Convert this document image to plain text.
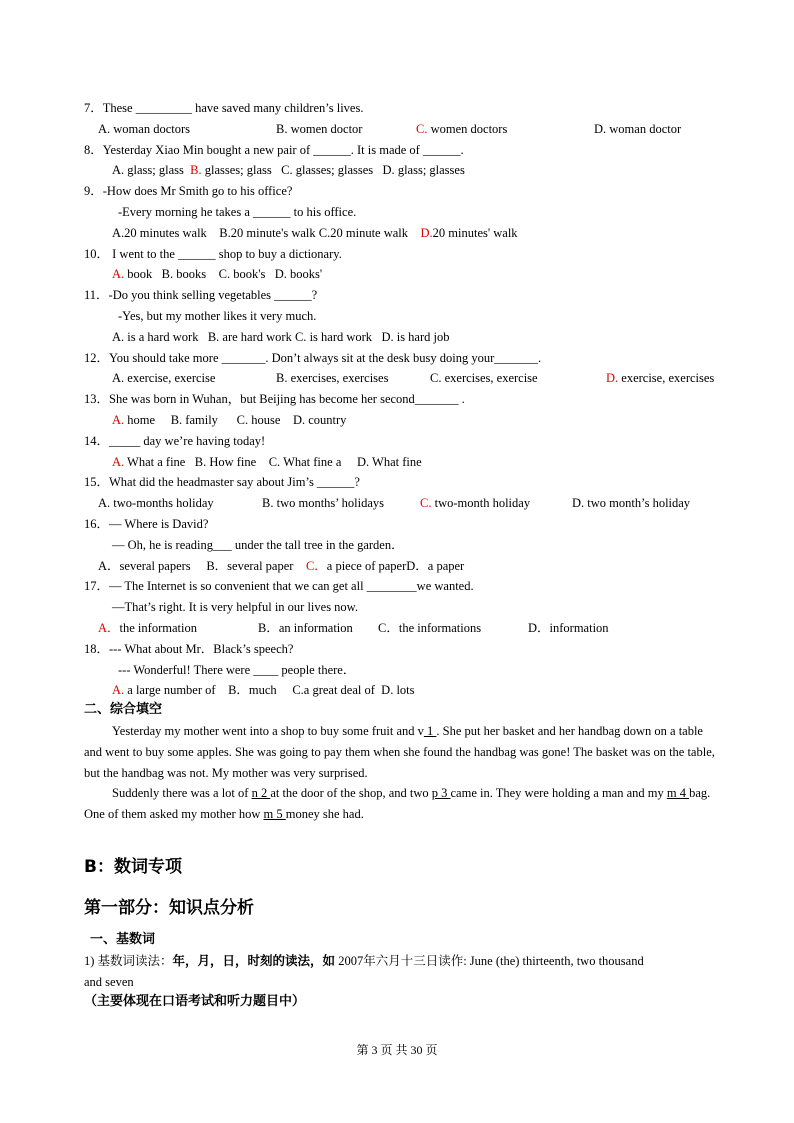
7．These _________ have saved many children’s lives.
A. woman doctors	B. women doctor	C. women doctors	D. woman doctor
8．Yesterday Xiao Min bought a new pair of ______. It is made of ______.
A. glass; glass B. glasses; glass C. glasses; glasses D. glass; glasses
9．-How does Mr Smith go to his office?
-Every morning he takes a ______ to his office.
A.20 minutes walk B.20 minute's walk C.20 minute walk D.20 minutes' walk
10． I went to the ______ shop to buy a dictionary.
A. book B. books C. book's D. books'
11．-Do you think selling vegetables ______?
-Yes, but my mother likes it very much.
A. is a hard work B. are hard work C. is hard work D. is hard job
12．You should take more _______. Don’t always sit at the desk busy doing your_______.
A. exercise, exercise	B. exercises, exercises	C. exercises, exercise	D. exercise, exercises
13．She was born in Wuhan，but Beijing has become her second_______ .
A. home B. family C. house D. country
14．_____ day we’re having today!
A. What a fine B. How fine C. What fine a D. What fine
15．What did the headmaster say about Jim’s ______?
A. two-months holiday	B. two months’ holidays	C. two-month holiday	D. two month’s holiday
16．— Where is David?
— Oh, he is reading___ under the tall tree in the garden．
A．several papers B．several paper C．a piece of paperD．a paper
17．— The Internet is so convenient that we can get all ________we wanted.
—That’s right. It is very helpful in our lives now.
A．the information	B．an information C．the informations	D．information
18．--- What about Mr．Black’s speech?
--- Wonderful! There were ____ people there．
A. a large number of B．much C.a great deal of D. lots
二、综合填空
Yesterday my mother went into a shop to buy some fruit and v 1 . She put her basket and her handbag down on a table and went to buy some apples. She was going to pay them when she found the handbag was gone! The basket was on the table, but the handbag was not. My mother was very surprised.
Suddenly there was a lot of n 2 at the door of the shop, and two p 3 came in. They were holding a man and my m 4 bag. One of them asked my mother how m 5 money she had.
B：数词专项
第一部分：知识点分析
一、基数词
1) 基数词读法：年，月，日，时刻的读法，如 2007年六月十三日读作: June (the) thirteenth, two thousand
and seven
（主要体现在口语考试和听力题目中）
第 3 页 共 30 页
